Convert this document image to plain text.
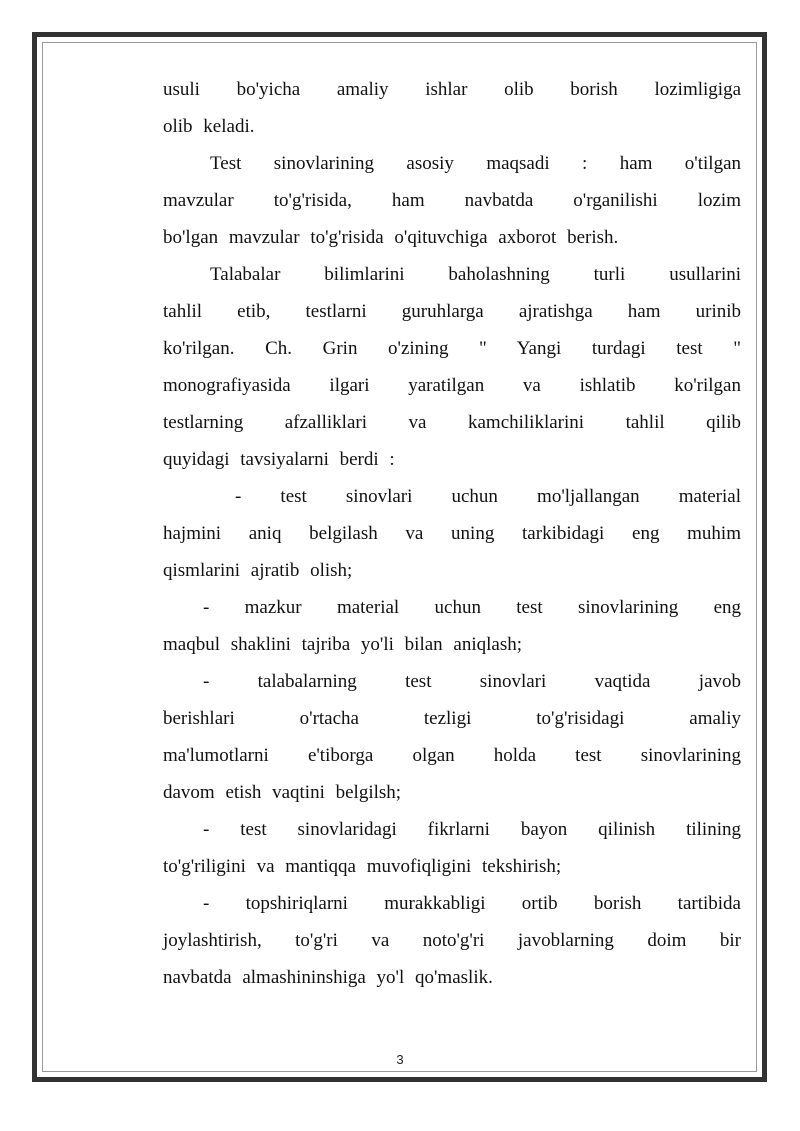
usuli bo'yicha amaliy ishlar olib borish lozimligiga
olib keladi.
Test sinovlarining asosiy maqsadi : ham o'tilgan
mavzular to'g'risida, ham navbatda o'rganilishi lozim
bo'lgan mavzular to'g'risida o'qituvchiga axborot berish.
Talabalar bilimlarini baholashning turli usullarini
tahlil etib, testlarni guruhlarga ajratishga ham urinib
ko'rilgan. Ch. Grin o'zining " Yangi turdagi test "
monografiyasida ilgari yaratilgan va ishlatib ko'rilgan
testlarning afzalliklari va kamchiliklarini tahlil qilib
quyidagi tavsiyalarni berdi :
- test sinovlari uchun mo'ljallangan material
hajmini aniq belgilash va uning tarkibidagi eng muhim
qismlarini ajratib olish;
- mazkur material uchun test sinovlarining eng
maqbul shaklini tajriba yo'li bilan aniqlash;
- talabalarning test sinovlari vaqtida javob
berishlari o'rtacha tezligi to'g'risidagi amaliy
ma'lumotlarni e'tiborga olgan holda test sinovlarining
davom etish vaqtini belgilsh;
- test sinovlaridagi fikrlarni bayon qilinish tilining
to'g'riligini va mantiqqa muvofiqligini tekshirish;
- topshiriqlarni murakkabligi ortib borish tartibida
joylashtirish, to'g'ri va noto'g'ri javoblarning doim bir
navbatda almashininshiga yo'l qo'maslik.
3
